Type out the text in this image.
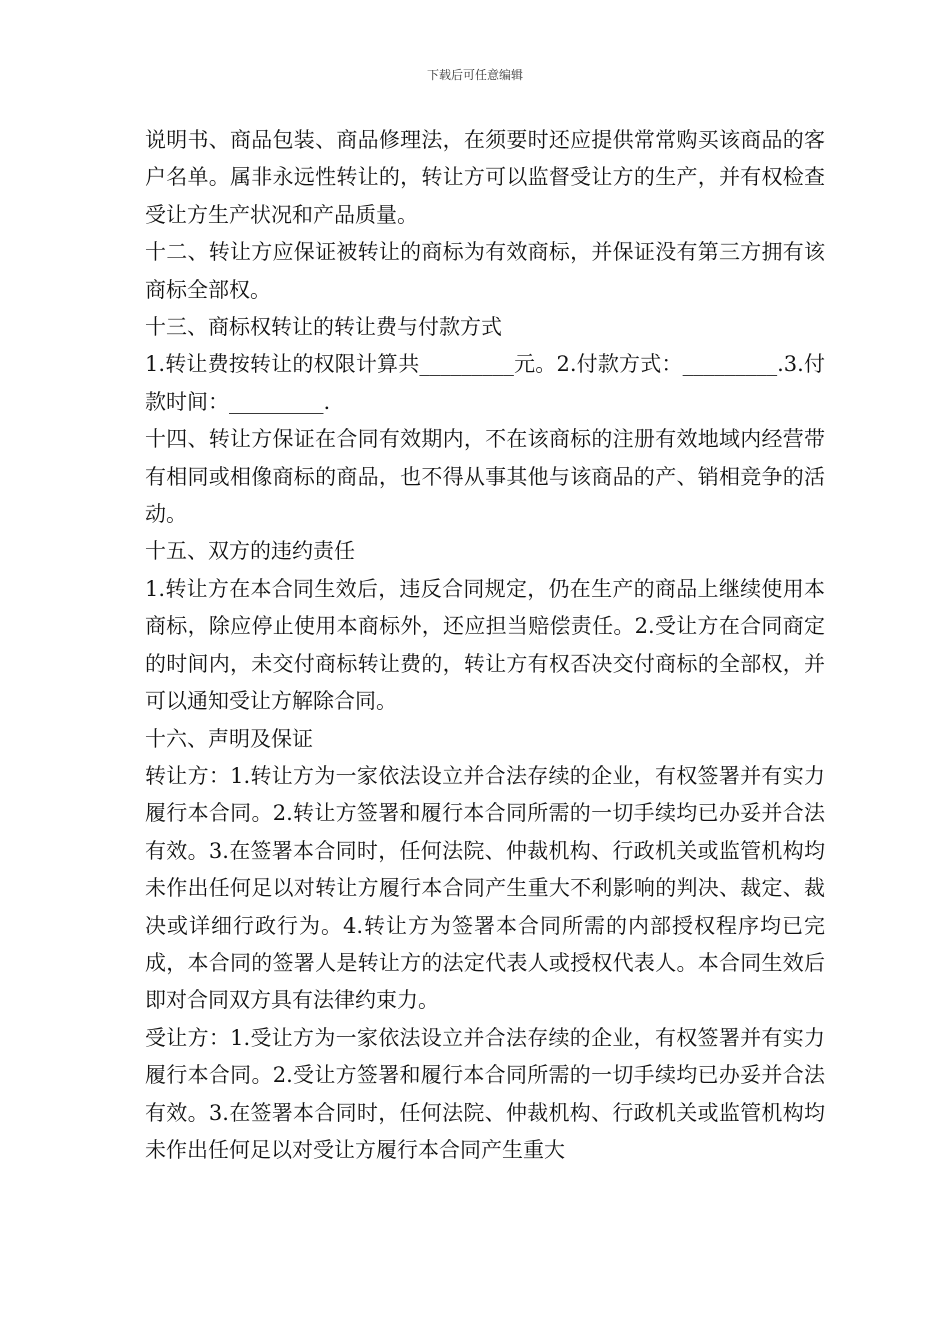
下载后可任意编辑

说明书、商品包装、商品修理法，在须要时还应提供常常购买该商品的客户名单。属非永远性转让的，转让方可以监督受让方的生产，并有权检查受让方生产状况和产品质量。

十二、转让方应保证被转让的商标为有效商标，并保证没有第三方拥有该商标全部权。

十三、商标权转让的转让费与付款方式

1.转让费按转让的权限计算共_________元。2.付款方式：_________.3.付款时间：_________.

十四、转让方保证在合同有效期内，不在该商标的注册有效地域内经营带有相同或相像商标的商品，也不得从事其他与该商品的产、销相竞争的活动。

十五、双方的违约责任

1.转让方在本合同生效后，违反合同规定，仍在生产的商品上继续使用本商标，除应停止使用本商标外，还应担当赔偿责任。2.受让方在合同商定的时间内，未交付商标转让费的，转让方有权否决交付商标的全部权，并可以通知受让方解除合同。

十六、声明及保证

转让方：1.转让方为一家依法设立并合法存续的企业，有权签署并有实力履行本合同。2.转让方签署和履行本合同所需的一切手续均已办妥并合法有效。3.在签署本合同时，任何法院、仲裁机构、行政机关或监管机构均未作出任何足以对转让方履行本合同产生重大不利影响的判决、裁定、裁决或详细行政行为。4.转让方为签署本合同所需的内部授权程序均已完成，本合同的签署人是转让方的法定代表人或授权代表人。本合同生效后即对合同双方具有法律约束力。

受让方：1.受让方为一家依法设立并合法存续的企业，有权签署并有实力履行本合同。2.受让方签署和履行本合同所需的一切手续均已办妥并合法有效。3.在签署本合同时，任何法院、仲裁机构、行政机关或监管机构均未作出任何足以对受让方履行本合同产生重大
